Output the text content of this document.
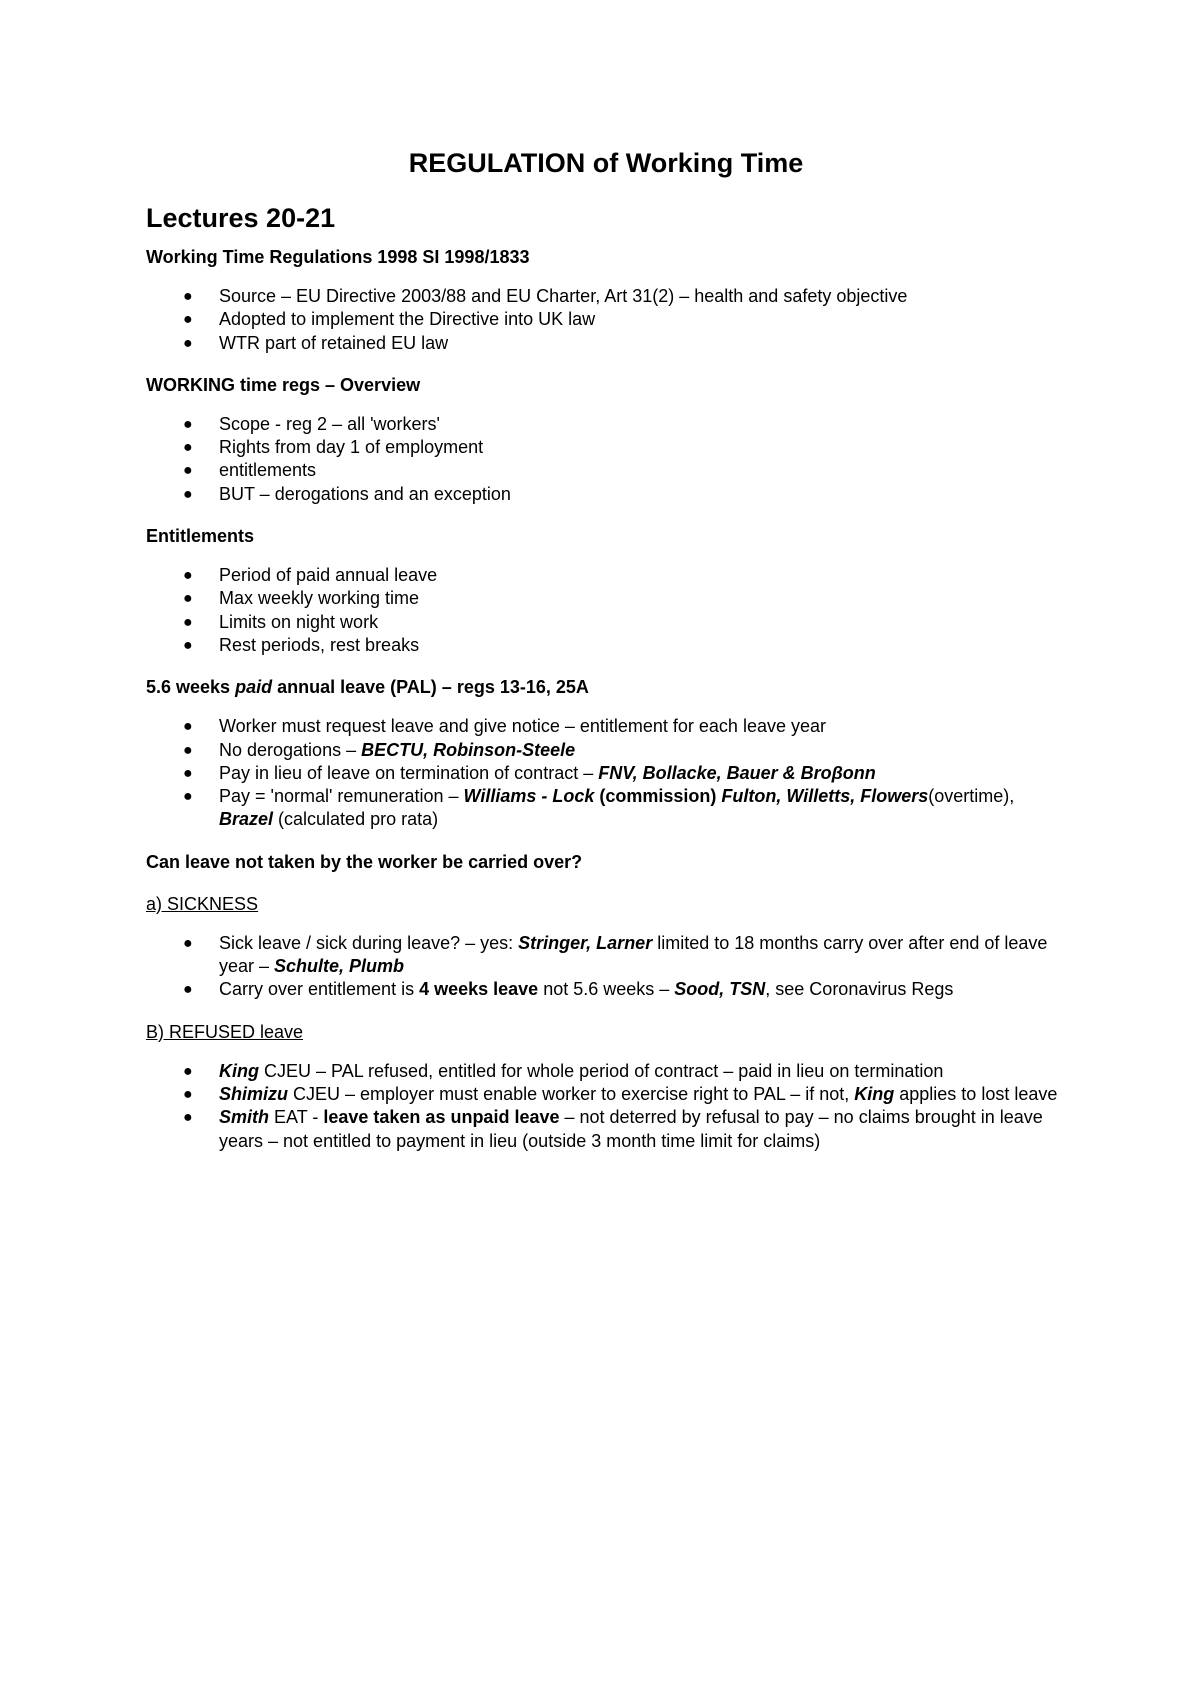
REGULATION of Working Time
Lectures 20-21

Working Time Regulations 1998 SI 1998/1833

● Source – EU Directive 2003/88 and EU Charter, Art 31(2) – health and safety objective
● Adopted to implement the Directive into UK law
● WTR part of retained EU law

WORKING time regs – Overview

● Scope - reg 2 – all 'workers'
● Rights from day 1 of employment
● entitlements
● BUT – derogations and an exception

Entitlements

● Period of paid annual leave
● Max weekly working time
● Limits on night work
● Rest periods, rest breaks

5.6 weeks paid annual leave (PAL) – regs 13-16, 25A

● Worker must request leave and give notice – entitlement for each leave year
● No derogations – BECTU, Robinson-Steele
● Pay in lieu of leave on termination of contract – FNV, Bollacke, Bauer & Broβonn
● Pay = 'normal' remuneration – Williams - Lock (commission) Fulton, Willetts, Flowers(overtime), Brazel (calculated pro rata)

Can leave not taken by the worker be carried over?

a) SICKNESS

● Sick leave / sick during leave? – yes: Stringer, Larner limited to 18 months carry over after end of leave year – Schulte, Plumb
● Carry over entitlement is 4 weeks leave not 5.6 weeks – Sood, TSN, see Coronavirus Regs

B) REFUSED leave

● King CJEU – PAL refused, entitled for whole period of contract – paid in lieu on termination
● Shimizu CJEU – employer must enable worker to exercise right to PAL – if not, King applies to lost leave
● Smith EAT - leave taken as unpaid leave – not deterred by refusal to pay – no claims brought in leave years – not entitled to payment in lieu (outside 3 month time limit for claims)
